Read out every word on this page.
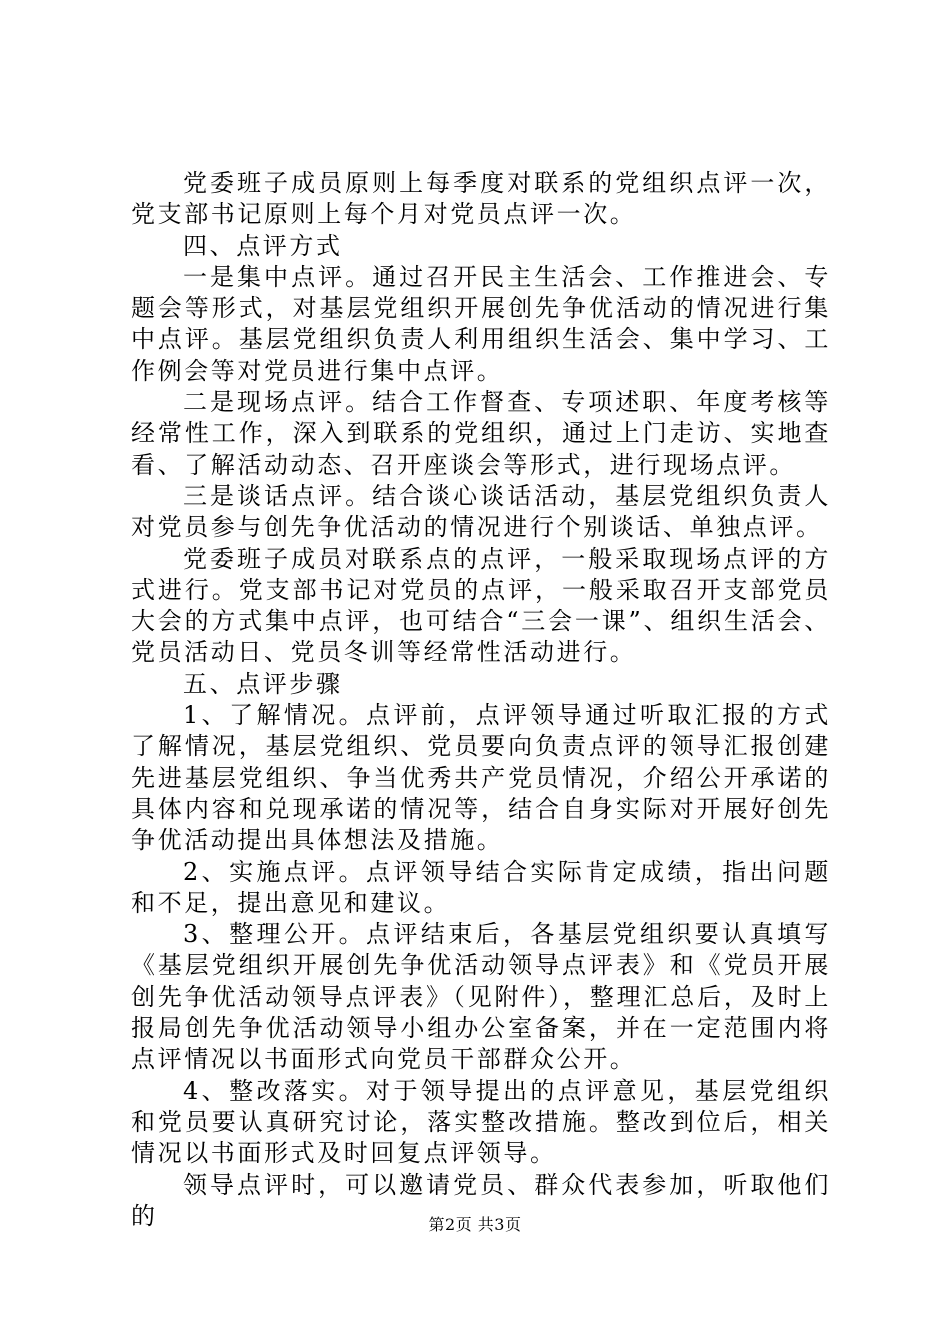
党委班子成员原则上每季度对联系的党组织点评一次，党支部书记原则上每个月对党员点评一次。

四、点评方式

一是集中点评。通过召开民主生活会、工作推进会、专题会等形式，对基层党组织开展创先争优活动的情况进行集中点评。基层党组织负责人利用组织生活会、集中学习、工作例会等对党员进行集中点评。

二是现场点评。结合工作督查、专项述职、年度考核等经常性工作，深入到联系的党组织，通过上门走访、实地查看、了解活动动态、召开座谈会等形式，进行现场点评。

三是谈话点评。结合谈心谈话活动，基层党组织负责人对党员参与创先争优活动的情况进行个别谈话、单独点评。

党委班子成员对联系点的点评，一般采取现场点评的方式进行。党支部书记对党员的点评，一般采取召开支部党员大会的方式集中点评，也可结合“三会一课”、组织生活会、党员活动日、党员冬训等经常性活动进行。

五、点评步骤

1、了解情况。点评前，点评领导通过听取汇报的方式了解情况，基层党组织、党员要向负责点评的领导汇报创建先进基层党组织、争当优秀共产党员情况，介绍公开承诺的具体内容和兑现承诺的情况等，结合自身实际对开展好创先争优活动提出具体想法及措施。

2、实施点评。点评领导结合实际肯定成绩，指出问题和不足，提出意见和建议。

3、整理公开。点评结束后，各基层党组织要认真填写《基层党组织开展创先争优活动领导点评表》和《党员开展创先争优活动领导点评表》（见附件），整理汇总后，及时上报局创先争优活动领导小组办公室备案，并在一定范围内将点评情况以书面形式向党员干部群众公开。

4、整改落实。对于领导提出的点评意见，基层党组织和党员要认真研究讨论，落实整改措施。整改到位后，相关情况以书面形式及时回复点评领导。

领导点评时，可以邀请党员、群众代表参加，听取他们的	第2页 共3页
